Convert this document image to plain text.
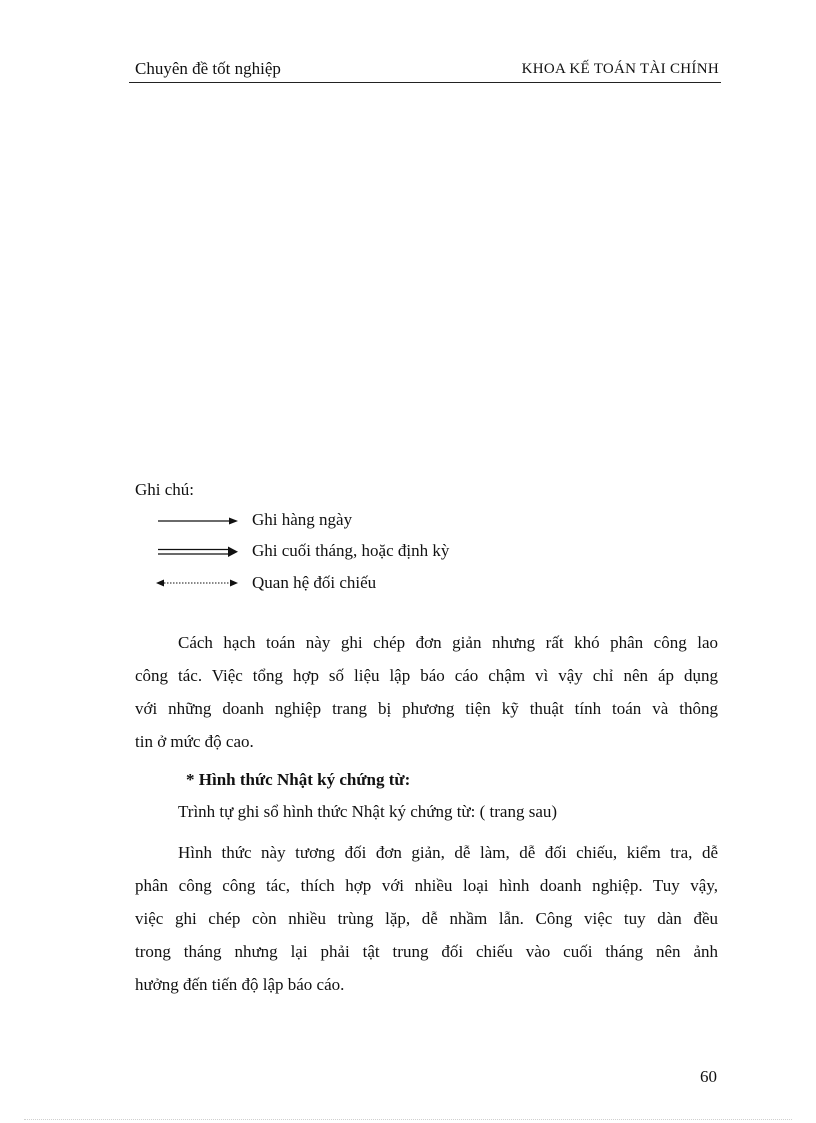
Chuyên đề tốt nghiệp	KHOA KẾ TOÁN TÀI CHÍNH
Ghi chú:
Ghi hàng ngày
Ghi cuối tháng, hoặc định kỳ
Quan hệ đối chiếu

Cách hạch toán này ghi chép đơn giản nhưng rất khó phân công lao
công tác. Việc tổng hợp số liệu lập báo cáo chậm vì vậy chỉ nên áp dụng
với những doanh nghiệp trang bị phương tiện kỹ thuật tính toán và thông
tin ở mức độ cao.

* Hình thức Nhật ký chứng từ:
Trình tự ghi sổ hình thức Nhật ký chứng từ: ( trang sau)

Hình thức này tương đối đơn giản, dễ làm, dễ đối chiếu, kiểm tra, dễ
phân công công tác, thích hợp với nhiều loại hình doanh nghiệp. Tuy vậy,
việc ghi chép còn nhiều trùng lặp, dễ nhầm lẫn. Công việc tuy dàn đều
trong tháng nhưng lại phải tật trung đối chiếu vào cuối tháng nên ảnh
hưởng đến tiến độ lập báo cáo.

60
